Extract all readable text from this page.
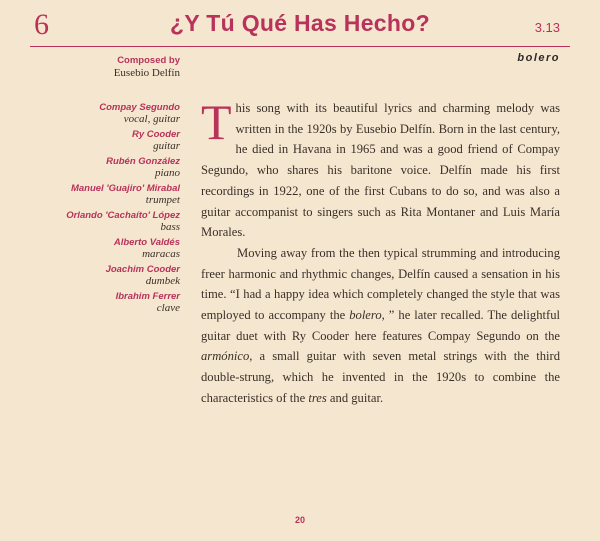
6	¿Y Tú Qué Has Hecho?	3.13
bolero
Composed by
Eusebio Delfín
Compay Segundo
vocal, guitar
Ry Cooder
guitar
Rubén González
piano
Manuel 'Guajiro' Mirabal
trumpet
Orlando 'Cachaíto' López
bass
Alberto Valdés
maracas
Joachim Cooder
dumbek
Ibrahim Ferrer
clave

This song with its beautiful lyrics and charming melody was written in the 1920s by Eusebio Delfín. Born in the last century, he died in Havana in 1965 and was a good friend of Compay Segundo, who shares his baritone voice. Delfín made his first recordings in 1922, one of the first Cubans to do so, and was also a guitar accompanist to singers such as Rita Montaner and Luis María Morales.

Moving away from the then typical strumming and introducing freer harmonic and rhythmic changes, Delfín caused a sensation in his time. “I had a happy idea which completely changed the style that was employed to accompany the bolero, ” he later recalled. The delightful guitar duet with Ry Cooder here features Compay Segundo on the armónico, a small guitar with seven metal strings with the third double-strung, which he invented in the 1920s to combine the characteristics of the tres and guitar.

20
